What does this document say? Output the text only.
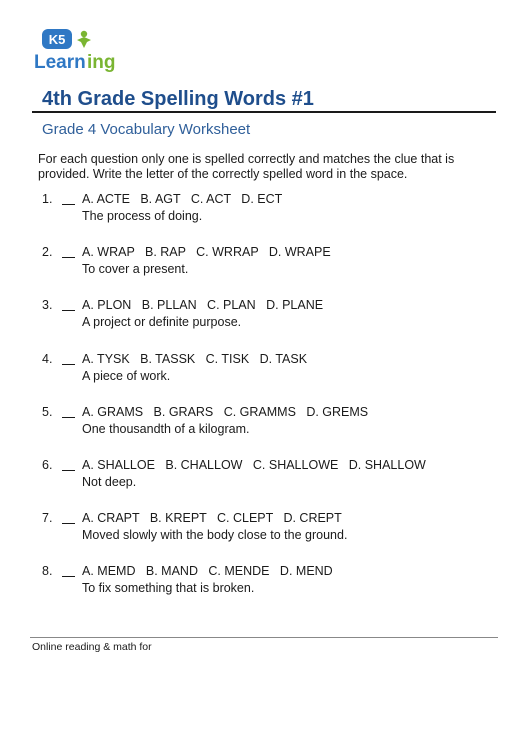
K5
Learn ing
4th Grade Spelling Words #1
Grade 4 Vocabulary Worksheet
For each question only one is spelled correctly and matches the clue that is provided. Write the letter of the correctly spelled word in the space.
1. A. ACTE   B. AGT   C. ACT   D. ECT
The process of doing.
2. A. WRAP   B. RAP   C. WRRAP   D. WRAPE
To cover a present.
3. A. PLON   B. PLLAN   C. PLAN   D. PLANE
A project or definite purpose.
4. A. TYSK   B. TASSK   C. TISK   D. TASK
A piece of work.
5. A. GRAMS   B. GRARS   C. GRAMMS   D. GREMS
One thousandth of a kilogram.
6. A. SHALLOE   B. CHALLOW   C. SHALLOWE   D. SHALLOW
Not deep.
7. A. CRAPT   B. KREPT   C. CLEPT   D. CREPT
Moved slowly with the body close to the ground.
8. A. MEMD   B. MAND   C. MENDE   D. MEND
To fix something that is broken.
Online reading & math for
